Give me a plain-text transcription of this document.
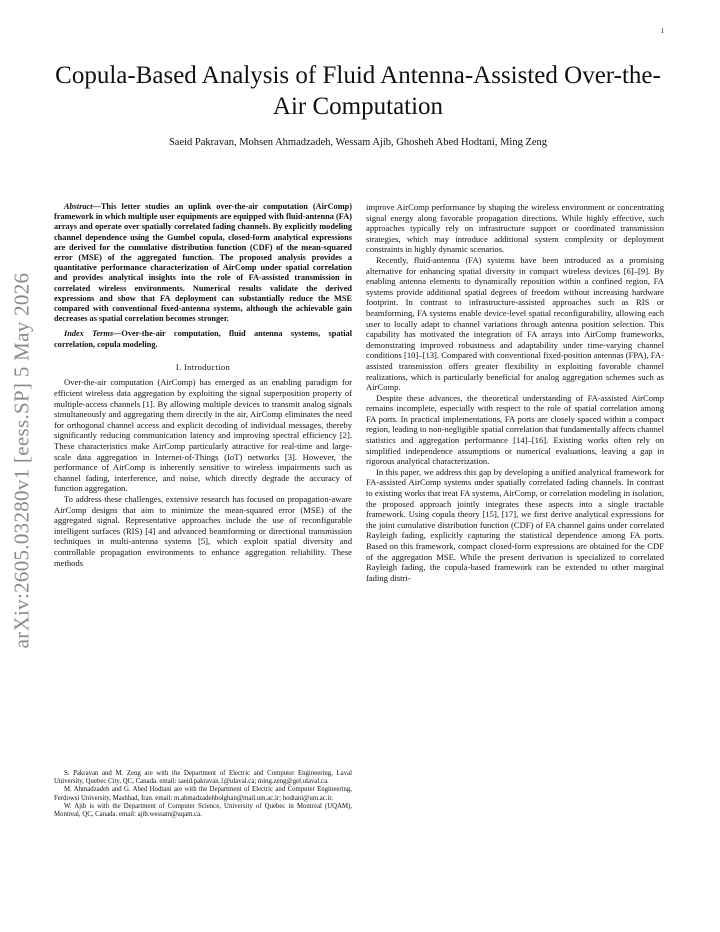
1
arXiv:2605.03280v1 [eess.SP] 5 May 2026
Copula-Based Analysis of Fluid Antenna-Assisted Over-the-Air Computation
Saeid Pakravan, Mohsen Ahmadzadeh, Wessam Ajib, Ghosheh Abed Hodtani, Ming Zeng

Abstract—This letter studies an uplink over-the-air computation (AirComp) framework in which multiple user equipments are equipped with fluid-antenna (FA) arrays and operate over spatially correlated fading channels. By explicitly modeling channel dependence using the Gumbel copula, closed-form analytical expressions are derived for the cumulative distribution function (CDF) of the mean-squared error (MSE) of the aggregated function. The proposed analysis provides a quantitative performance characterization of AirComp under spatial correlation and provides analytical insights into the role of FA-assisted transmission in correlated wireless environments. Numerical results validate the derived expressions and show that FA deployment can substantially reduce the MSE compared with conventional fixed-antenna systems, although the achievable gain decreases as spatial correlation becomes stronger.

Index Terms—Over-the-air computation, fluid antenna systems, spatial correlation, copula modeling.

I. Introduction

Over-the-air computation (AirComp) has emerged as an enabling paradigm for efficient wireless data aggregation by exploiting the signal superposition property of multiple-access channels [1]. By allowing multiple devices to transmit analog signals simultaneously and aggregating them directly in the air, AirComp eliminates the need for orthogonal channel access and explicit decoding of individual messages, thereby significantly reducing communication latency and improving spectral efficiency [2]. These characteristics make AirComp particularly attractive for real-time and large-scale data aggregation in Internet-of-Things (IoT) networks [3]. However, the performance of AirComp is inherently sensitive to wireless impairments such as channel fading, interference, and noise, which directly degrade the accuracy of function aggregation.

To address these challenges, extensive research has focused on propagation-aware AirComp designs that aim to minimize the mean-squared error (MSE) of the aggregated signal. Representative approaches include the use of reconfigurable intelligent surfaces (RIS) [4] and advanced beamforming or directional transmission techniques in multi-antenna systems [5], which exploit spatial diversity and controllable propagation environments to enhance aggregation reliability. These methods

improve AirComp performance by shaping the wireless environment or concentrating signal energy along favorable propagation directions. While highly effective, such approaches typically rely on infrastructure support or coordinated transmission strategies, which may introduce additional system complexity or deployment constraints in highly dynamic scenarios.

Recently, fluid-antenna (FA) systems have been introduced as a promising alternative for enhancing spatial diversity in compact wireless devices [6]–[9]. By enabling antenna elements to dynamically reposition within a confined region, FA systems provide additional spatial degrees of freedom without increasing hardware footprint. In contrast to infrastructure-assisted approaches such as RIS or beamforming, FA systems enable device-level spatial reconfigurability, allowing each user to locally adapt to channel variations through antenna position selection. This capability has motivated the integration of FA arrays into AirComp frameworks, demonstrating improved robustness and adaptability under time-varying channel conditions [10]–[13]. Compared with conventional fixed-position antennas (FPA), FA-assisted transmission offers greater flexibility in exploiting favorable channel realizations, which is particularly beneficial for analog aggregation schemes such as AirComp.

Despite these advances, the theoretical understanding of FA-assisted AirComp remains incomplete, especially with respect to the role of spatial correlation among FA ports. In practical implementations, FA ports are closely spaced within a compact region, leading to non-negligible spatial correlation that fundamentally affects channel statistics and aggregation performance [14]–[16]. Existing works often rely on simplified independence assumptions or numerical evaluations, leaving a gap in rigorous analytical characterization.

In this paper, we address this gap by developing a unified analytical framework for FA-assisted AirComp systems under spatially correlated fading channels. In contrast to existing works that treat FA systems, AirComp, or correlation modeling in isolation, the proposed approach jointly integrates these aspects into a single tractable framework. Using copula theory [15], [17], we first derive analytical expressions for the joint cumulative distribution function (CDF) of FA channel gains under correlated Rayleigh fading, explicitly capturing the statistical dependence among FA ports. Based on this framework, compact closed-form expressions are obtained for the CDF of the aggregation MSE. While the present derivation is specialized to correlated Rayleigh fading, the copula-based framework can be extended to other marginal fading distri-

S. Pakravan and M. Zeng are with the Department of Electric and Computer Engineering, Laval University, Quebec City, QC, Canada. email: saeid.pakravan.1@ulaval.ca; ming.zeng@gel.ulaval.ca.

M. Ahmadzadeh and G. Abed Hodtani are with the Department of Electric and Computer Engineering, Ferdowsi University, Mashhad, Iran. email: m.ahmadzadehbolghan@mail.um.ac.ir; hodtani@um.ac.ir.

W. Ajib is with the Department of Computer Science, University of Quebec in Montreal (UQAM), Montreal, QC, Canada. email: ajib.wessam@uqam.ca.
